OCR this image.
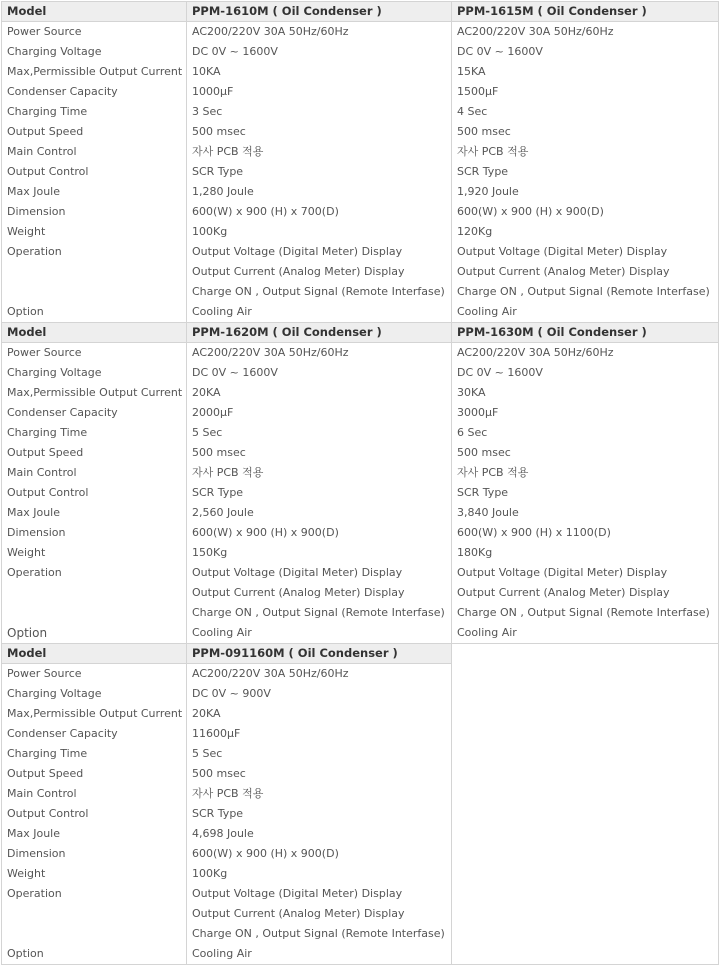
Model	PPM-1610M ( Oil Condenser )	PPM-1615M ( Oil Condenser )

Power Source	AC200/220V 30A 50Hz/60Hz	AC200/220V 30A 50Hz/60Hz

Charging Voltage	DC 0V ~ 1600V	DC 0V ~ 1600V

Max,Permissible Output Current	10KA	15KA

Condenser Capacity	1000μF	1500μF

Charging Time	3 Sec	4 Sec

Output Speed	500 msec	500 msec

Main Control	자사 PCB 적용	자사 PCB 적용

Output Control	SCR Type	SCR Type

Max Joule	1,280 Joule	1,920 Joule

Dimension	600(W) x 900 (H) x 700(D)	600(W) x 900 (H) x 900(D)

Weight	100Kg	120Kg

Operation	Output Voltage (Digital Meter) Display
Output Current (Analog Meter) Display
Charge ON , Output Signal (Remote Interfase)	Output Voltage (Digital Meter) Display
Output Current (Analog Meter) Display
Charge ON , Output Signal (Remote Interfase)

Option	Cooling Air	Cooling Air

Model	PPM-1620M ( Oil Condenser )	PPM-1630M ( Oil Condenser )

Power Source	AC200/220V 30A 50Hz/60Hz	AC200/220V 30A 50Hz/60Hz

Charging Voltage	DC 0V ~ 1600V	DC 0V ~ 1600V

Max,Permissible Output Current	20KA	30KA

Condenser Capacity	2000μF	3000μF

Charging Time	5 Sec	6 Sec

Output Speed	500 msec	500 msec

Main Control	자사 PCB 적용	자사 PCB 적용

Output Control	SCR Type	SCR Type

Max Joule	2,560 Joule	3,840 Joule

Dimension	600(W) x 900 (H) x 900(D)	600(W) x 900 (H) x 1100(D)

Weight	150Kg	180Kg

Operation	Output Voltage (Digital Meter) Display
Output Current (Analog Meter) Display
Charge ON , Output Signal (Remote Interfase)	Output Voltage (Digital Meter) Display
Output Current (Analog Meter) Display
Charge ON , Output Signal (Remote Interfase)

Option	Cooling Air	Cooling Air

Model	PPM-091160M ( Oil Condenser )	

Power Source	AC200/220V 30A 50Hz/60Hz	

Charging Voltage	DC 0V ~ 900V	

Max,Permissible Output Current	20KA	

Condenser Capacity	11600μF	

Charging Time	5 Sec	

Output Speed	500 msec	

Main Control	자사 PCB 적용	

Output Control	SCR Type	

Max Joule	4,698 Joule	

Dimension	600(W) x 900 (H) x 900(D)	

Weight	100Kg	

Operation	Output Voltage (Digital Meter) Display
Output Current (Analog Meter) Display
Charge ON , Output Signal (Remote Interfase)	

Option	Cooling Air	
